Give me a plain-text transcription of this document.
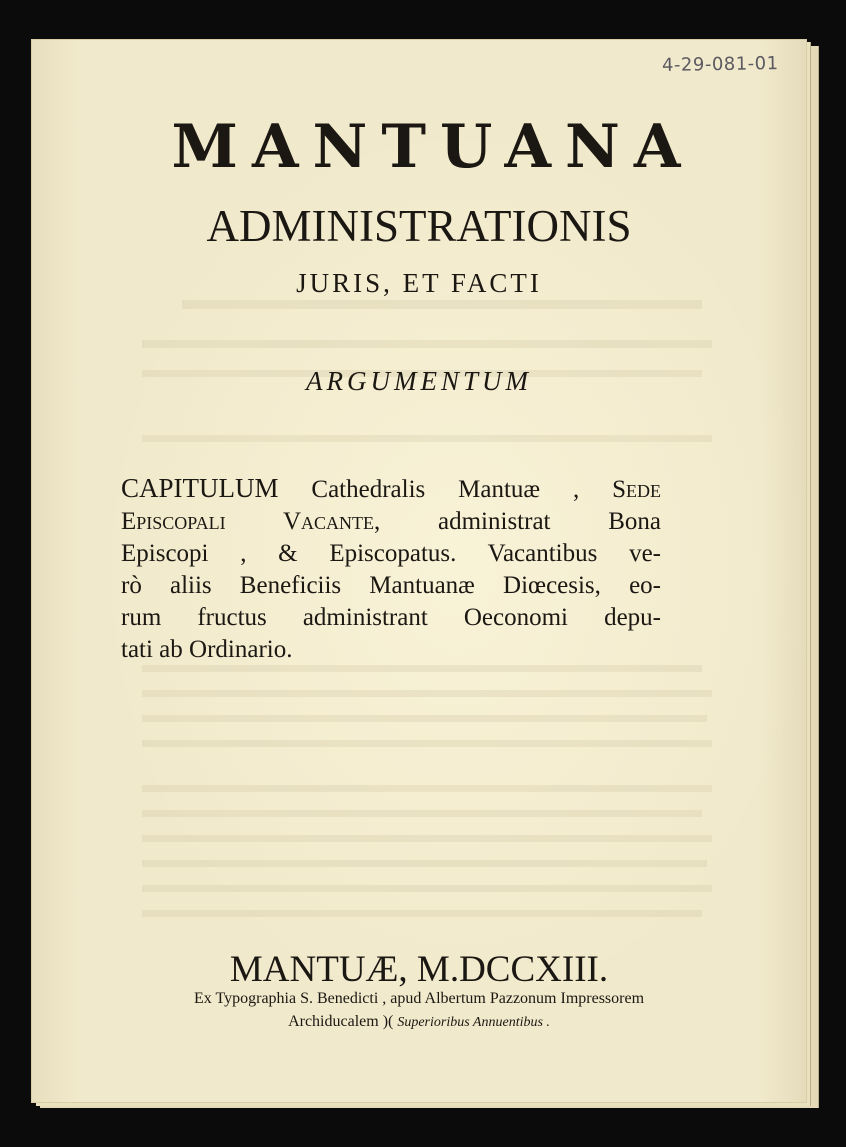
4-29-081-01
MANTUANA
ADMINISTRATIONIS
JURIS, ET FACTI
ARGUMENTUM
CAPITULUM Cathedralis Mantuæ , Sede
Episcopali Vacante, administrat Bona
Episcopi , & Episcopatus. Vacantibus ve-
rò aliis Beneficiis Mantuanæ Diœcesis, eo-
rum fructus administrant Oeconomi depu-
tati ab Ordinario.
MANTUÆ, M.DCCXIII.
Ex Typographia S. Benedicti , apud Albertum Pazzonum Impressorem
Archiducalem )( Superioribus Annuentibus .
